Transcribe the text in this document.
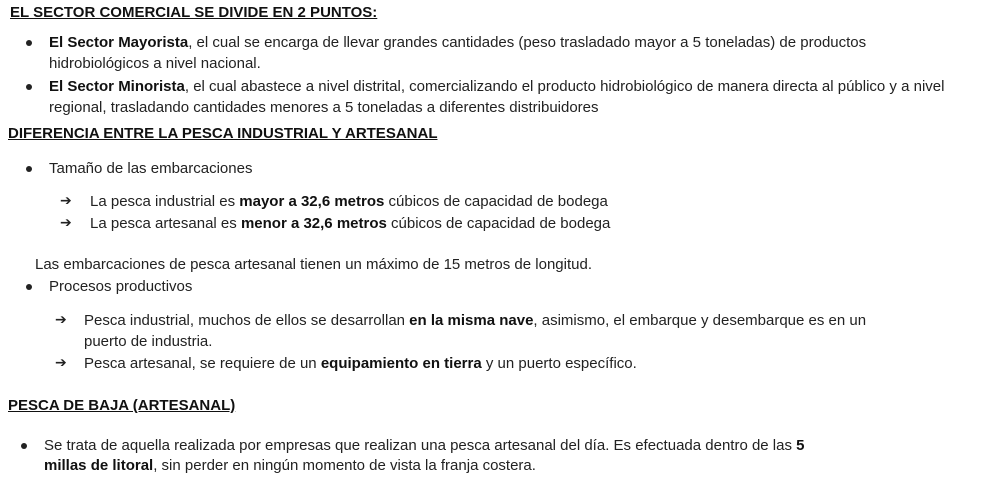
EL SECTOR COMERCIAL SE DIVIDE EN 2 PUNTOS:
El Sector Mayorista, el cual se encarga de llevar grandes cantidades (peso trasladado mayor a 5 toneladas) de productos
hidrobiológicos a nivel nacional.
El Sector Minorista, el cual abastece a nivel distrital, comercializando el producto hidrobiológico de manera directa al público y a nivel
regional, trasladando cantidades menores a 5 toneladas a diferentes distribuidores
DIFERENCIA ENTRE LA PESCA INDUSTRIAL Y ARTESANAL
Tamaño de las embarcaciones
➔ La pesca industrial es mayor a 32,6 metros cúbicos de capacidad de bodega
➔ La pesca artesanal es menor a 32,6 metros cúbicos de capacidad de bodega
Las embarcaciones de pesca artesanal tienen un máximo de 15 metros de longitud.
Procesos productivos
➔ Pesca industrial, muchos de ellos se desarrollan en la misma nave, asimismo, el embarque y desembarque es en un
puerto de industria.
➔ Pesca artesanal, se requiere de un equipamiento en tierra y un puerto específico.
PESCA DE BAJA (ARTESANAL)
Se trata de aquella realizada por empresas que realizan una pesca artesanal del día. Es efectuada dentro de las 5
millas de litoral, sin perder en ningún momento de vista la franja costera.
